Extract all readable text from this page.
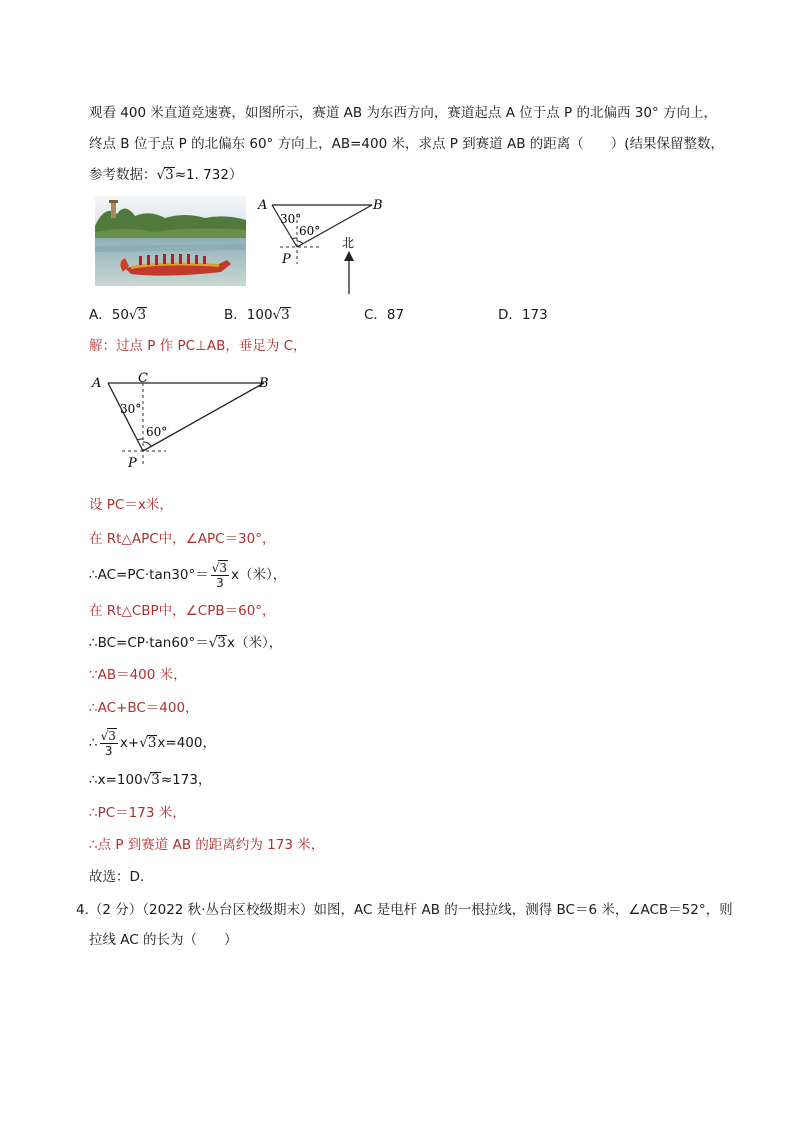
观看 400 米直道竞速赛，如图所示，赛道 AB 为东西方向，赛道起点 A 位于点 P 的北偏西 30° 方向上，
终点 B 位于点 P 的北偏东 60° 方向上，AB=400 米，求点 P 到赛道 AB 的距离（　　）(结果保留整数，
参考数据：√3≈1. 732）
A	B
P
30°
60°
北
A．50√3	B．100√3	C．87	D．173
解：过点 P 作 PC⊥AB，垂足为 C，
A	C	B
P
30°
60°
设 PC＝x米，
在 Rt△APC中，∠APC＝30°，
∴AC=PC·tan30°＝ $\frac{√3}{3} x$（米），
在 Rt△CBP中，∠CPB＝60°，
∴BC=CP·tan60°＝√3x（米），
∵AB＝400 米，
∴AC+BC＝400，
∴ $\frac{√3}{3} x+√3x=400$，
∴x=100√3≈173，
∴PC＝173 米，
∴点 P 到赛道 AB 的距离约为 173 米，
故选：D.
4.（2 分）（2022 秋·丛台区校级期末）如图，AC 是电杆 AB 的一根拉线，测得 BC＝6 米，∠ACB＝52°，则
拉线 AC 的长为（　　）
